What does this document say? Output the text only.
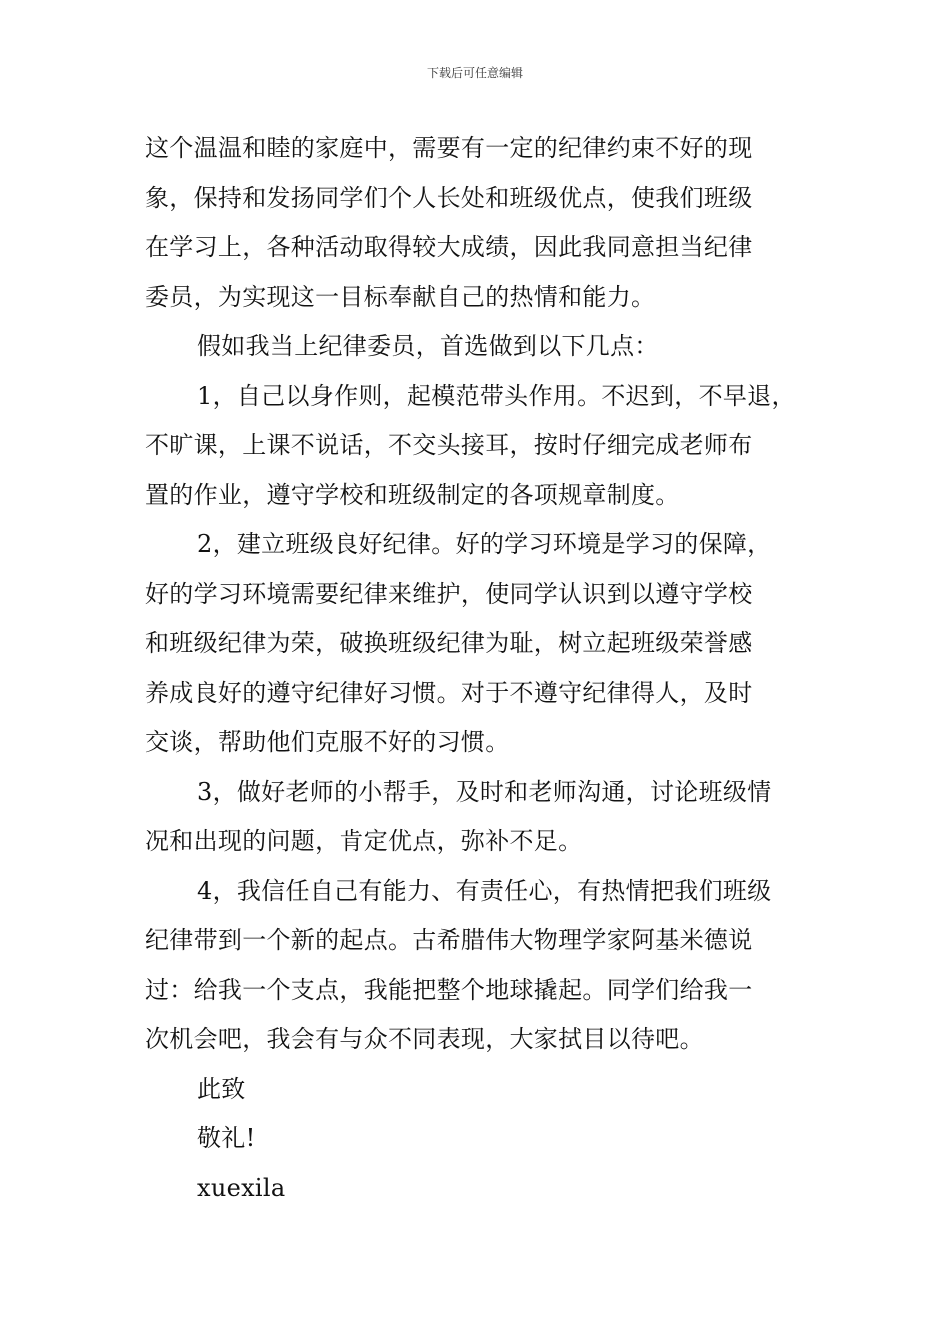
下载后可任意编辑
这个温温和睦的家庭中，需要有一定的纪律约束不好的现
象，保持和发扬同学们个人长处和班级优点，使我们班级
在学习上，各种活动取得较大成绩，因此我同意担当纪律
委员，为实现这一目标奉献自己的热情和能力。
假如我当上纪律委员，首选做到以下几点：
1，自己以身作则，起模范带头作用。不迟到，不早退，
不旷课，上课不说话，不交头接耳，按时仔细完成老师布
置的作业，遵守学校和班级制定的各项规章制度。
2，建立班级良好纪律。好的学习环境是学习的保障，
好的学习环境需要纪律来维护，使同学认识到以遵守学校
和班级纪律为荣，破换班级纪律为耻，树立起班级荣誉感
养成良好的遵守纪律好习惯。对于不遵守纪律得人，及时
交谈，帮助他们克服不好的习惯。
3，做好老师的小帮手，及时和老师沟通，讨论班级情
况和出现的问题，肯定优点，弥补不足。
4，我信任自己有能力、有责任心，有热情把我们班级
纪律带到一个新的起点。古希腊伟大物理学家阿基米德说
过：给我一个支点，我能把整个地球撬起。同学们给我一
次机会吧，我会有与众不同表现，大家拭目以待吧。
此致
敬礼!
xuexila
